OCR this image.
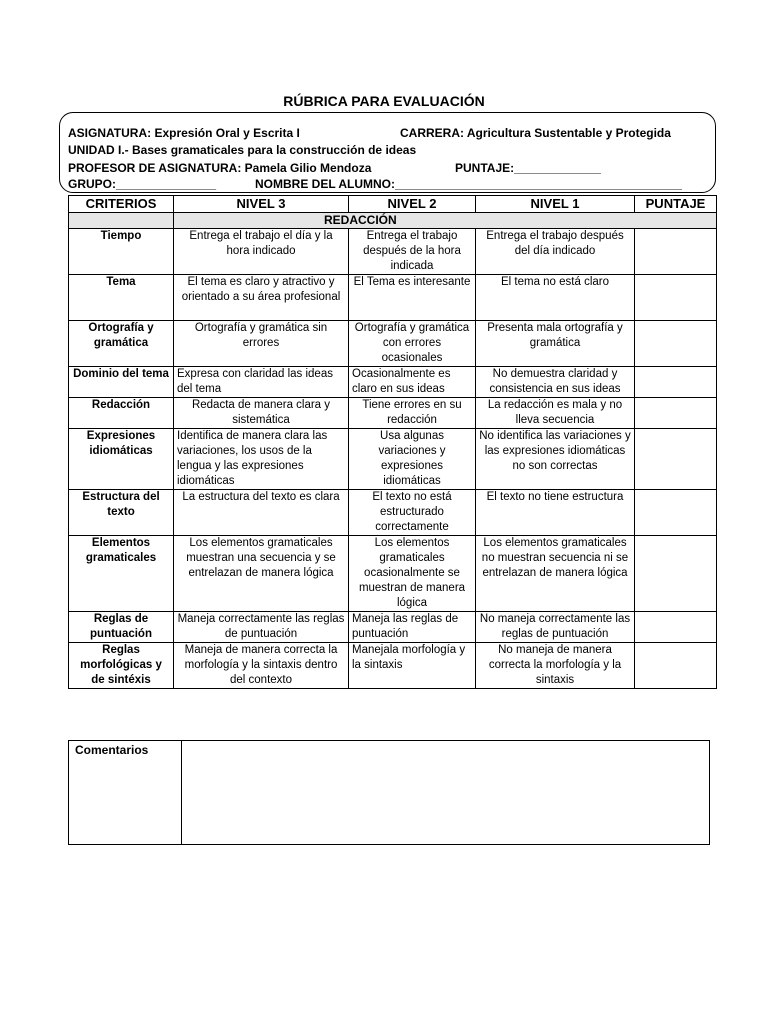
RÚBRICA PARA EVALUACIÓN
ASIGNATURA: Expresión Oral y Escrita I	CARRERA: Agricultura Sustentable y Protegida
UNIDAD I.- Bases gramaticales para la construcción de ideas
PROFESOR DE ASIGNATURA: Pamela Gilio Mendoza	PUNTAJE:_____________
GRUPO:_______________	NOMBRE DEL ALUMNO:___________________________________________
CRITERIOS	NIVEL 3	NIVEL 2	NIVEL 1	PUNTAJE
	REDACCIÓN			
Tiempo	Entrega el trabajo el día y la hora indicado	Entrega el trabajo después de la hora indicada	Entrega el trabajo después del día indicado	
Tema	El tema es claro y atractivo y orientado a su área profesional	El Tema es interesante	El tema no está claro	
Ortografía y gramática	Ortografía y gramática sin errores	Ortografía y gramática con errores ocasionales	Presenta mala ortografía y gramática	
Dominio del tema	Expresa con claridad las ideas del tema	Ocasionalmente es claro en sus ideas	No demuestra claridad y consistencia en sus ideas	
Redacción	Redacta de manera clara y sistemática	Tiene errores en su redacción	La redacción es mala y no lleva secuencia	
Expresiones idiomáticas	Identifica de manera clara las variaciones, los usos de la lengua y las expresiones idiomáticas	Usa algunas variaciones y expresiones idiomáticas	No identifica las variaciones y las expresiones idiomáticas no son correctas	
Estructura del texto	La estructura del texto es clara	El texto no está estructurado correctamente	El texto no tiene estructura	
Elementos gramaticales	Los elementos gramaticales muestran una secuencia y se entrelazan de manera lógica	Los elementos gramaticales ocasionalmente se muestran de manera lógica	Los elementos gramaticales no muestran secuencia ni se entrelazan de manera lógica	
Reglas de puntuación	Maneja correctamente las reglas de puntuación	Maneja las reglas de puntuación	No maneja correctamente las reglas de puntuación	
Reglas morfológicas y de sintéxis	Maneja de manera correcta la morfología y la sintaxis dentro del contexto	Manejala morfología y la sintaxis	No maneja de manera correcta la morfología y la sintaxis	
Comentarios	
